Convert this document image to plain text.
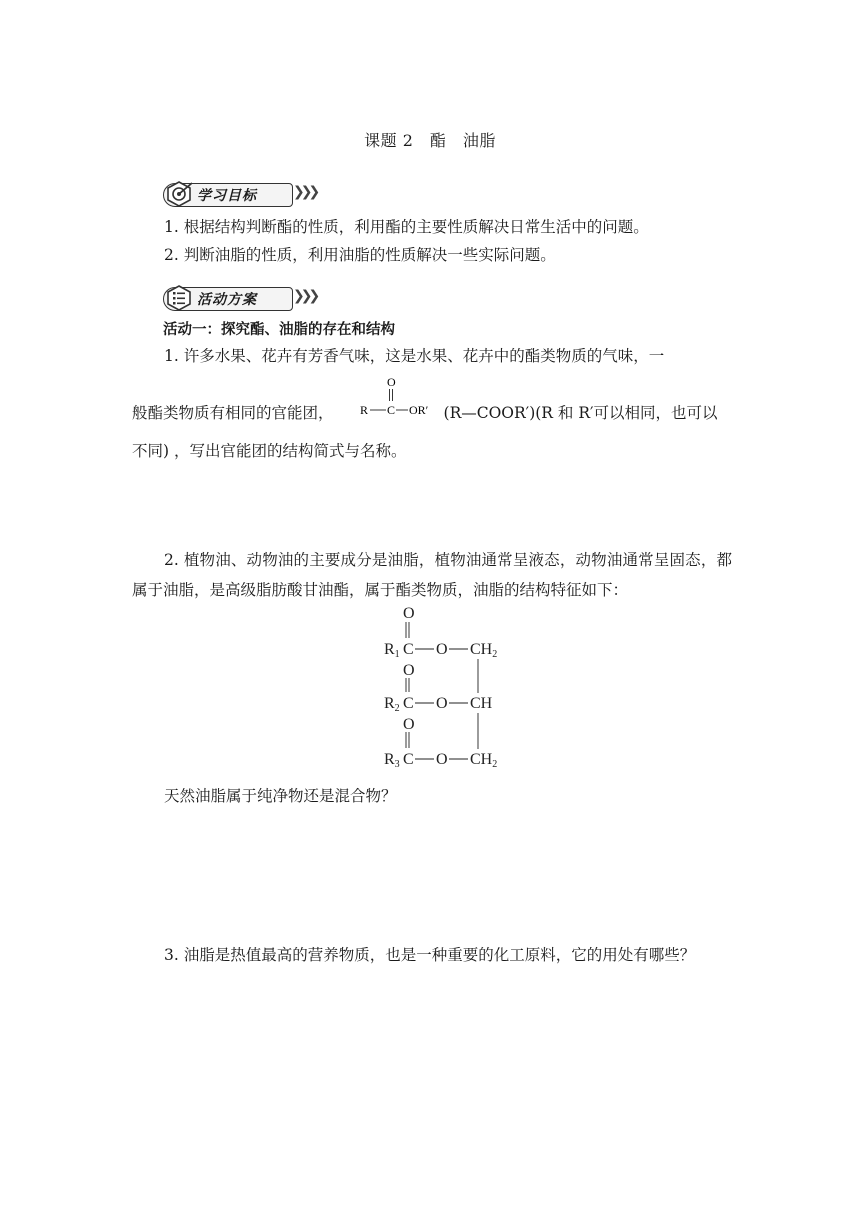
课题 2　酯　油脂
学习目标	❯❯❯
1. 根据结构判断酯的性质，利用酯的主要性质解决日常生活中的问题。
2. 判断油脂的性质，利用油脂的性质解决一些实际问题。
活动方案	❯❯❯
活动一：探究酯、油脂的存在和结构
1. 许多水果、花卉有芳香气味，这是水果、花卉中的酯类物质的气味，一
般酯类物质有相同的官能团，	(R—COOR′)(R 和 R′可以相同，也可以
O
R C OR′
不同) ，写出官能团的结构简式与名称。
2. 植物油、动物油的主要成分是油脂，植物油通常呈液态，动物油通常呈固态，都属于油脂，是高级脂肪酸甘油酯，属于酯类物质，油脂的结构特征如下：
O
R1 C O CH2
O
R2 C O CH
O
R3 C O CH2
天然油脂属于纯净物还是混合物？
3. 油脂是热值最高的营养物质，也是一种重要的化工原料，它的用处有哪些？
